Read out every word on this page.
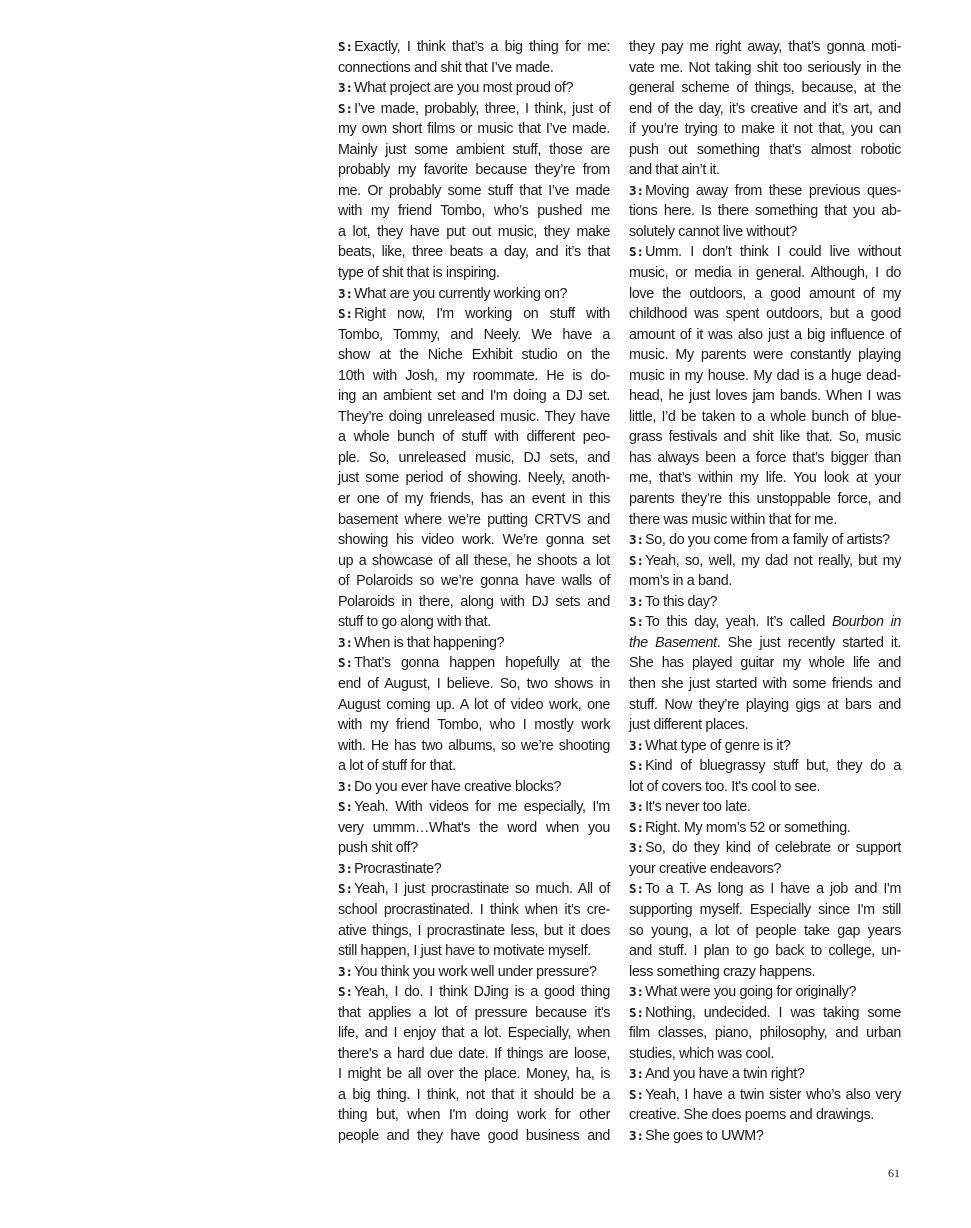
S:Exactly, I think that’s a big thing for me:
connections and shit that I’ve made.
3:What project are you most proud of?
S:I’ve made, probably, three, I think, just of
my own short films or music that I’ve made.
Mainly just some ambient stuff, those are
probably my favorite because they’re from
me. Or probably some stuff that I’ve made
with my friend Tombo, who’s pushed me
a lot, they have put out music, they make
beats, like, three beats a day, and it’s that
type of shit that is inspiring.
3:What are you currently working on?
S:Right now, I'm working on stuff with
Tombo, Tommy, and Neely. We have a
show at the Niche Exhibit studio on the
10th with Josh, my roommate. He is do-
ing an ambient set and I'm doing a DJ set.
They’re doing unreleased music. They have
a whole bunch of stuff with different peo-
ple. So, unreleased music, DJ sets, and
just some period of showing. Neely, anoth-
er one of my friends, has an event in this
basement where we’re putting CRTVS and
showing his video work. We’re gonna set
up a showcase of all these, he shoots a lot
of Polaroids so we’re gonna have walls of
Polaroids in there, along with DJ sets and
stuff to go along with that.
3:When is that happening?
S:That’s gonna happen hopefully at the
end of August, I believe. So, two shows in
August coming up. A lot of video work, one
with my friend Tombo, who I mostly work
with. He has two albums, so we’re shooting
a lot of stuff for that.
3:Do you ever have creative blocks?
S:Yeah. With videos for me especially, I'm
very ummm…What's the word when you
push shit off?
3:Procrastinate?
S:Yeah, I just procrastinate so much. All of
school procrastinated. I think when it’s cre-
ative things, I procrastinate less, but it does
still happen, I just have to motivate myself.
3:You think you work well under pressure?
S:Yeah, I do. I think DJing is a good thing
that applies a lot of pressure because it's
life, and I enjoy that a lot. Especially, when
there's a hard due date. If things are loose,
I might be all over the place. Money, ha, is
a big thing. I think, not that it should be a
thing but, when I'm doing work for other
people and they have good business and
they pay me right away, that’s gonna moti-
vate me. Not taking shit too seriously in the
general scheme of things, because, at the
end of the day, it’s creative and it’s art, and
if you’re trying to make it not that, you can
push out something that’s almost robotic
and that ain’t it.
3:Moving away from these previous ques-
tions here. Is there something that you ab-
solutely cannot live without?
S:Umm. I don’t think I could live without
music, or media in general. Although, I do
love the outdoors, a good amount of my
childhood was spent outdoors, but a good
amount of it was also just a big influence of
music. My parents were constantly playing
music in my house. My dad is a huge dead-
head, he just loves jam bands. When I was
little, I’d be taken to a whole bunch of blue-
grass festivals and shit like that. So, music
has always been a force that’s bigger than
me, that’s within my life. You look at your
parents they’re this unstoppable force, and
there was music within that for me.
3:So, do you come from a family of artists?
S:Yeah, so, well, my dad not really, but my
mom’s in a band.
3:To this day?
S:To this day, yeah. It’s called Bourbon in
the Basement. She just recently started it.
She has played guitar my whole life and
then she just started with some friends and
stuff. Now they’re playing gigs at bars and
just different places.
3:What type of genre is it?
S:Kind of bluegrassy stuff but, they do a
lot of covers too. It's cool to see.
3:It's never too late.
S:Right. My mom’s 52 or something.
3:So, do they kind of celebrate or support
your creative endeavors?
S:To a T. As long as I have a job and I'm
supporting myself. Especially since I'm still
so young, a lot of people take gap years
and stuff. I plan to go back to college, un-
less something crazy happens.
3:What were you going for originally?
S:Nothing, undecided. I was taking some
film classes, piano, philosophy, and urban
studies, which was cool.
3:And you have a twin right?
S:Yeah, I have a twin sister who’s also very
creative. She does poems and drawings.
3:She goes to UWM?
61
